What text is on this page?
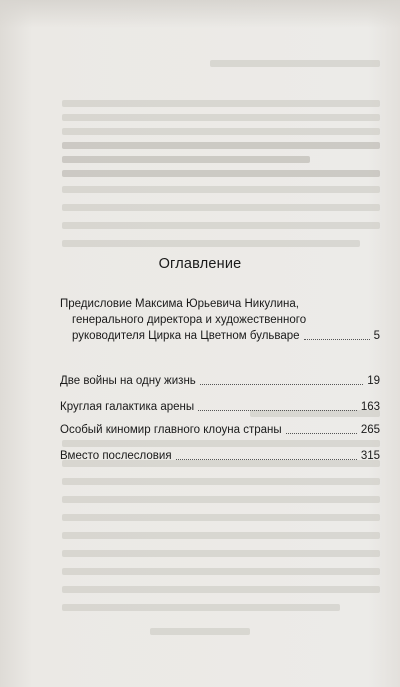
Оглавление
Предисловие Максима Юрьевича Никулина,
генерального директора и художественного
руководителя Цирка на Цветном бульваре	5
Две войны на одну жизнь	19
Круглая галактика арены	163
Особый киномир главного клоуна страны	265
Вместо послесловия	315
